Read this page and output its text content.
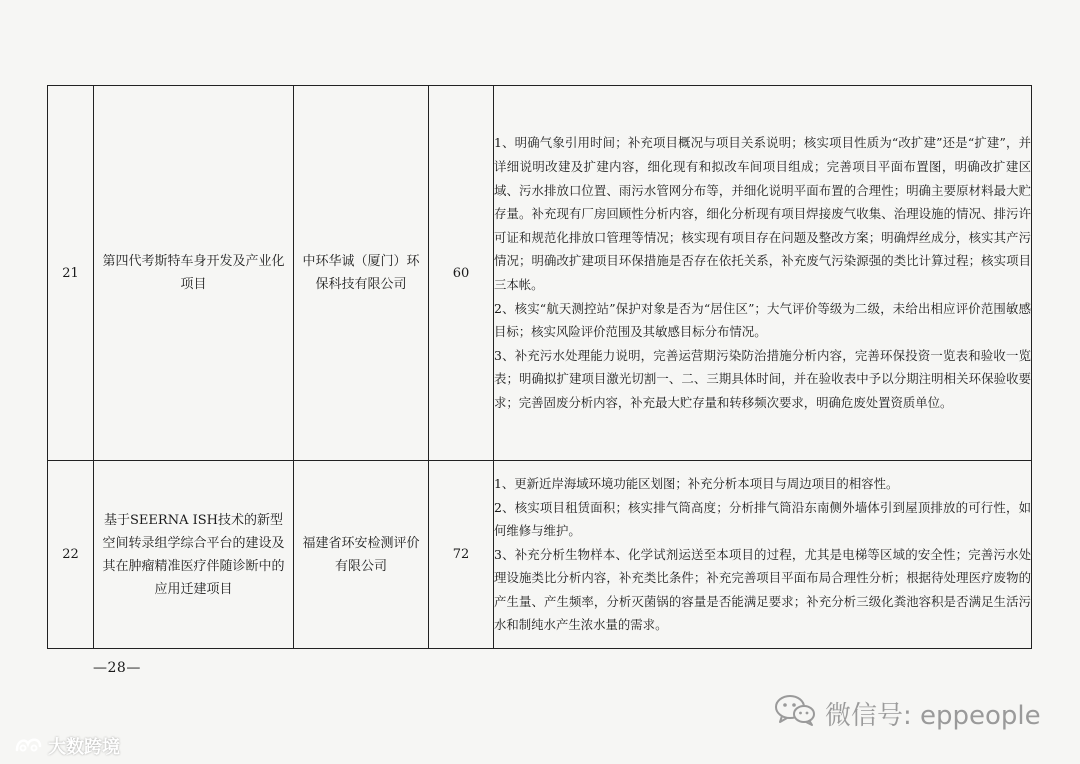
21	第四代考斯特车身开发及产业化项目	中环华诚（厦门）环保科技有限公司	60	1、明确气象引用时间；补充项目概况与项目关系说明；核实项目性质为“改扩建”还是“扩建”，并详细说明改建及扩建内容，细化现有和拟改车间项目组成；完善项目平面布置图，明确改扩建区域、污水排放口位置、雨污水管网分布等，并细化说明平面布置的合理性；明确主要原材料最大贮存量。补充现有厂房回顾性分析内容，细化分析现有项目焊接废气收集、治理设施的情况、排污许可证和规范化排放口管理等情况；核实现有项目存在问题及整改方案；明确焊丝成分，核实其产污情况；明确改扩建项目环保措施是否存在依托关系，补充废气污染源强的类比计算过程；核实项目三本帐。

2、核实“航天测控站”保护对象是否为“居住区”；大气评价等级为二级，未给出相应评价范围敏感目标；核实风险评价范围及其敏感目标分布情况。

3、补充污水处理能力说明，完善运营期污染防治措施分析内容，完善环保投资一览表和验收一览表；明确拟扩建项目激光切割一、二、三期具体时间，并在验收表中予以分期注明相关环保验收要求；完善固废分析内容，补充最大贮存量和转移频次要求，明确危废处置资质单位。

22	基于SEERNA ISH技术的新型空间转录组学综合平台的建设及其在肿瘤精准医疗伴随诊断中的应用迁建项目	福建省环安检测评价有限公司	72	1、更新近岸海域环境功能区划图；补充分析本项目与周边项目的相容性。

2、核实项目租赁面积；核实排气筒高度；分析排气筒沿东南侧外墙体引到屋顶排放的可行性，如何维修与维护。

3、补充分析生物样本、化学试剂运送至本项目的过程，尤其是电梯等区域的安全性；完善污水处理设施类比分析内容，补充类比条件；补充完善项目平面布局合理性分析；根据待处理医疗废物的产生量、产生频率，分析灭菌锅的容量是否能满足要求；补充分析三级化粪池容积是否满足生活污水和制纯水产生浓水量的需求。

—28—
大数跨境
微信号: eppeople
